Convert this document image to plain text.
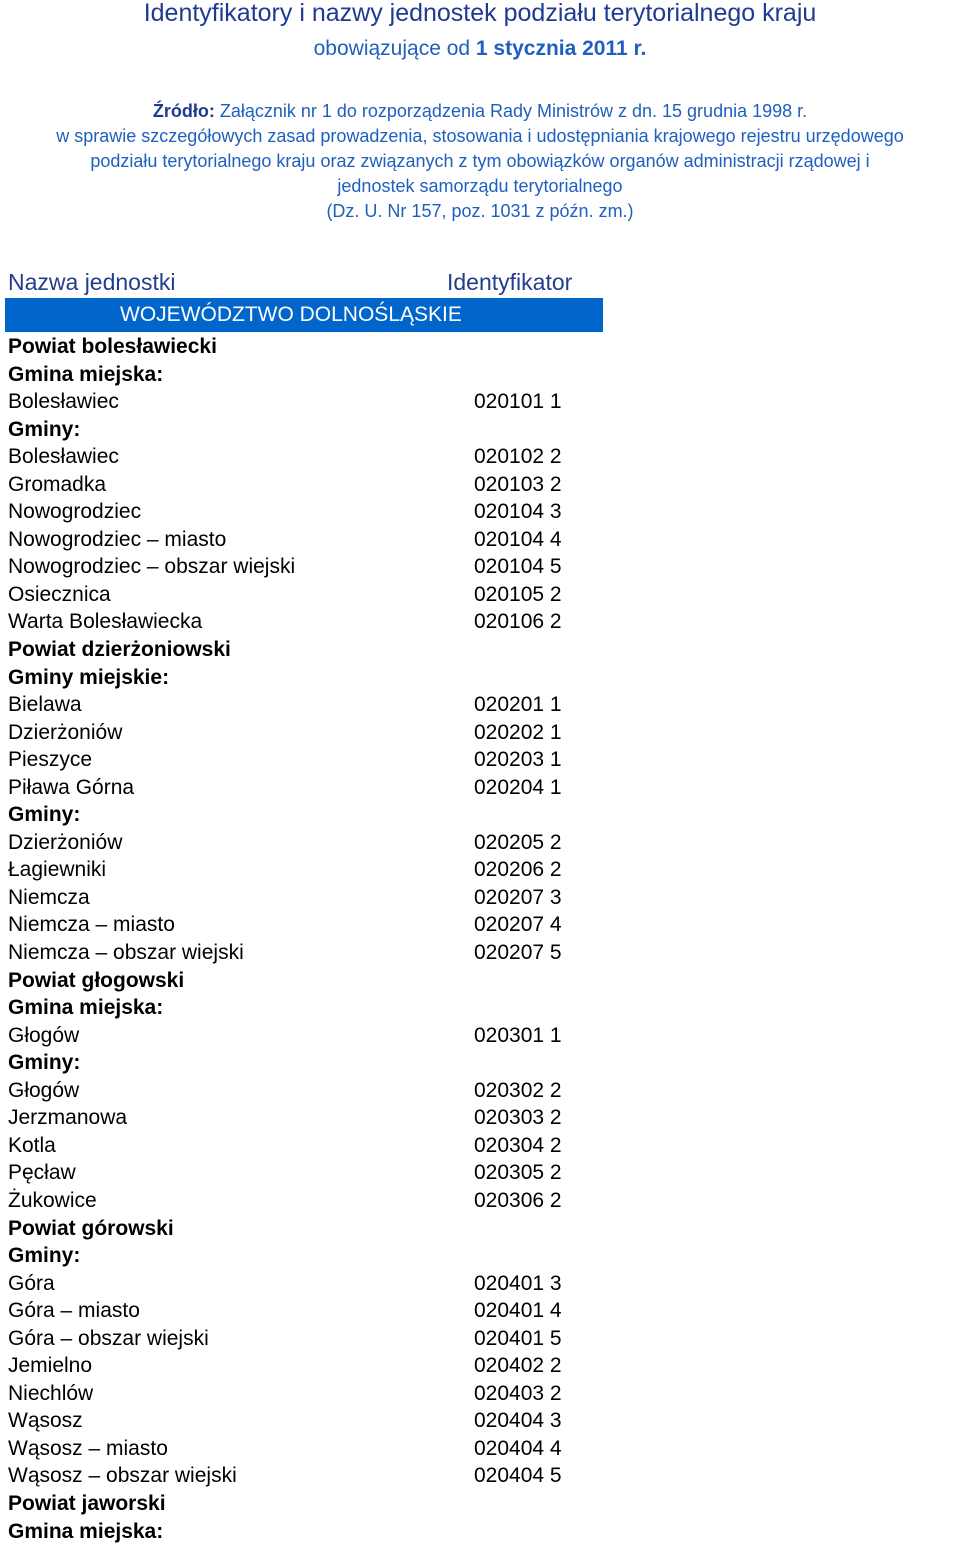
Identyfikatory i nazwy jednostek podziału terytorialnego kraju
obowiązujące od 1 stycznia 2011 r.
Źródło: Załącznik nr 1 do rozporządzenia Rady Ministrów z dn. 15 grudnia 1998 r.
w sprawie szczegółowych zasad prowadzenia, stosowania i udostępniania krajowego rejestru urzędowego
podziału terytorialnego kraju oraz związanych z tym obowiązków organów administracji rządowej i
jednostek samorządu terytorialnego
(Dz. U. Nr 157, poz. 1031 z późn. zm.)
Nazwa jednostki	Identyfikator
WOJEWÓDZTWO DOLNOŚLĄSKIE
Powiat bolesławiecki
Gmina miejska:
Bolesławiec	020101 1
Gminy:
Bolesławiec	020102 2
Gromadka	020103 2
Nowogrodziec	020104 3
Nowogrodziec – miasto	020104 4
Nowogrodziec – obszar wiejski	020104 5
Osiecznica	020105 2
Warta Bolesławiecka	020106 2
Powiat dzierżoniowski
Gminy miejskie:
Bielawa	020201 1
Dzierżoniów	020202 1
Pieszyce	020203 1
Piława Górna	020204 1
Gminy:
Dzierżoniów	020205 2
Łagiewniki	020206 2
Niemcza	020207 3
Niemcza – miasto	020207 4
Niemcza – obszar wiejski	020207 5
Powiat głogowski
Gmina miejska:
Głogów	020301 1
Gminy:
Głogów	020302 2
Jerzmanowa	020303 2
Kotla	020304 2
Pęcław	020305 2
Żukowice	020306 2
Powiat górowski
Gminy:
Góra	020401 3
Góra – miasto	020401 4
Góra – obszar wiejski	020401 5
Jemielno	020402 2
Niechlów	020403 2
Wąsosz	020404 3
Wąsosz – miasto	020404 4
Wąsosz – obszar wiejski	020404 5
Powiat jaworski
Gmina miejska:
